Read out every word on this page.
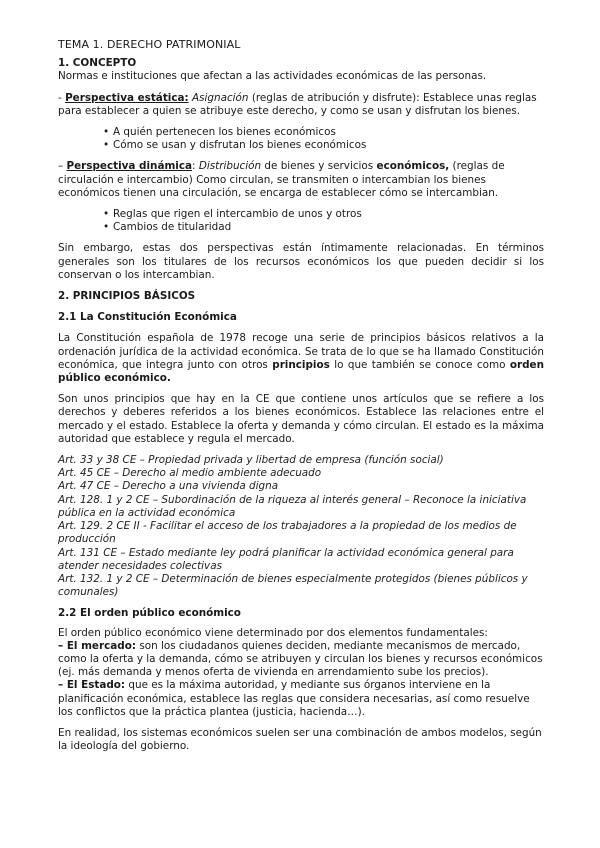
TEMA 1. DERECHO PATRIMONIAL
1. CONCEPTO

Normas e instituciones que afectan a las actividades económicas de las personas.

- Perspectiva estática: Asignación (reglas de atribución y disfrute): Establece unas reglas para establecer a quien se atribuye este derecho, y como se usan y disfrutan los bienes.

• A quién pertenecen los bienes económicos
• Cómo se usan y disfrutan los bienes económicos

– Perspectiva dinámica: Distribución de bienes y servicios económicos, (reglas de circulación e intercambio) Como circulan, se transmiten o intercambian los bienes económicos tienen una circulación, se encarga de establecer cómo se intercambian.

• Reglas que rigen el intercambio de unos y otros
• Cambios de titularidad

Sin embargo, estas dos perspectivas están íntimamente relacionadas. En términos generales son los titulares de los recursos económicos los que pueden decidir si los conservan o los intercambian.

2. PRINCIPIOS BÁSICOS
2.1 La Constitución Económica

La Constitución española de 1978 recoge una serie de principios básicos relativos a la ordenación jurídica de la actividad económica. Se trata de lo que se ha llamado Constitución económica, que integra junto con otros principios lo que también se conoce como orden público económico.

Son unos principios que hay en la CE que contiene unos artículos que se refiere a los derechos y deberes referidos a los bienes económicos. Establece las relaciones entre el mercado y el estado. Establece la oferta y demanda y cómo circulan. El estado es la máxima autoridad que establece y regula el mercado.

Art. 33 y 38 CE – Propiedad privada y libertad de empresa (función social)
Art. 45 CE – Derecho al medio ambiente adecuado
Art. 47 CE – Derecho a una vivienda digna
Art. 128. 1 y 2 CE – Subordinación de la riqueza al interés general – Reconoce la iniciativa pública en la actividad económica
Art. 129. 2 CE II - Facilitar el acceso de los trabajadores a la propiedad de los medios de producción
Art. 131 CE – Estado mediante ley podrá planificar la actividad económica general para atender necesidades colectivas
Art. 132. 1 y 2 CE – Determinación de bienes especialmente protegidos (bienes públicos y comunales)
2.2 El orden público económico

El orden público económico viene determinado por dos elementos fundamentales:
– El mercado: son los ciudadanos quienes deciden, mediante mecanismos de mercado, como la oferta y la demanda, cómo se atribuyen y circulan los bienes y recursos económicos (ej. más demanda y menos oferta de vivienda en arrendamiento sube los precios).
– El Estado: que es la máxima autoridad, y mediante sus órganos interviene en la planificación económica, establece las reglas que considera necesarias, así como resuelve los conflictos que la práctica plantea (justicia, hacienda…).

En realidad, los sistemas económicos suelen ser una combinación de ambos modelos, según la ideología del gobierno.
